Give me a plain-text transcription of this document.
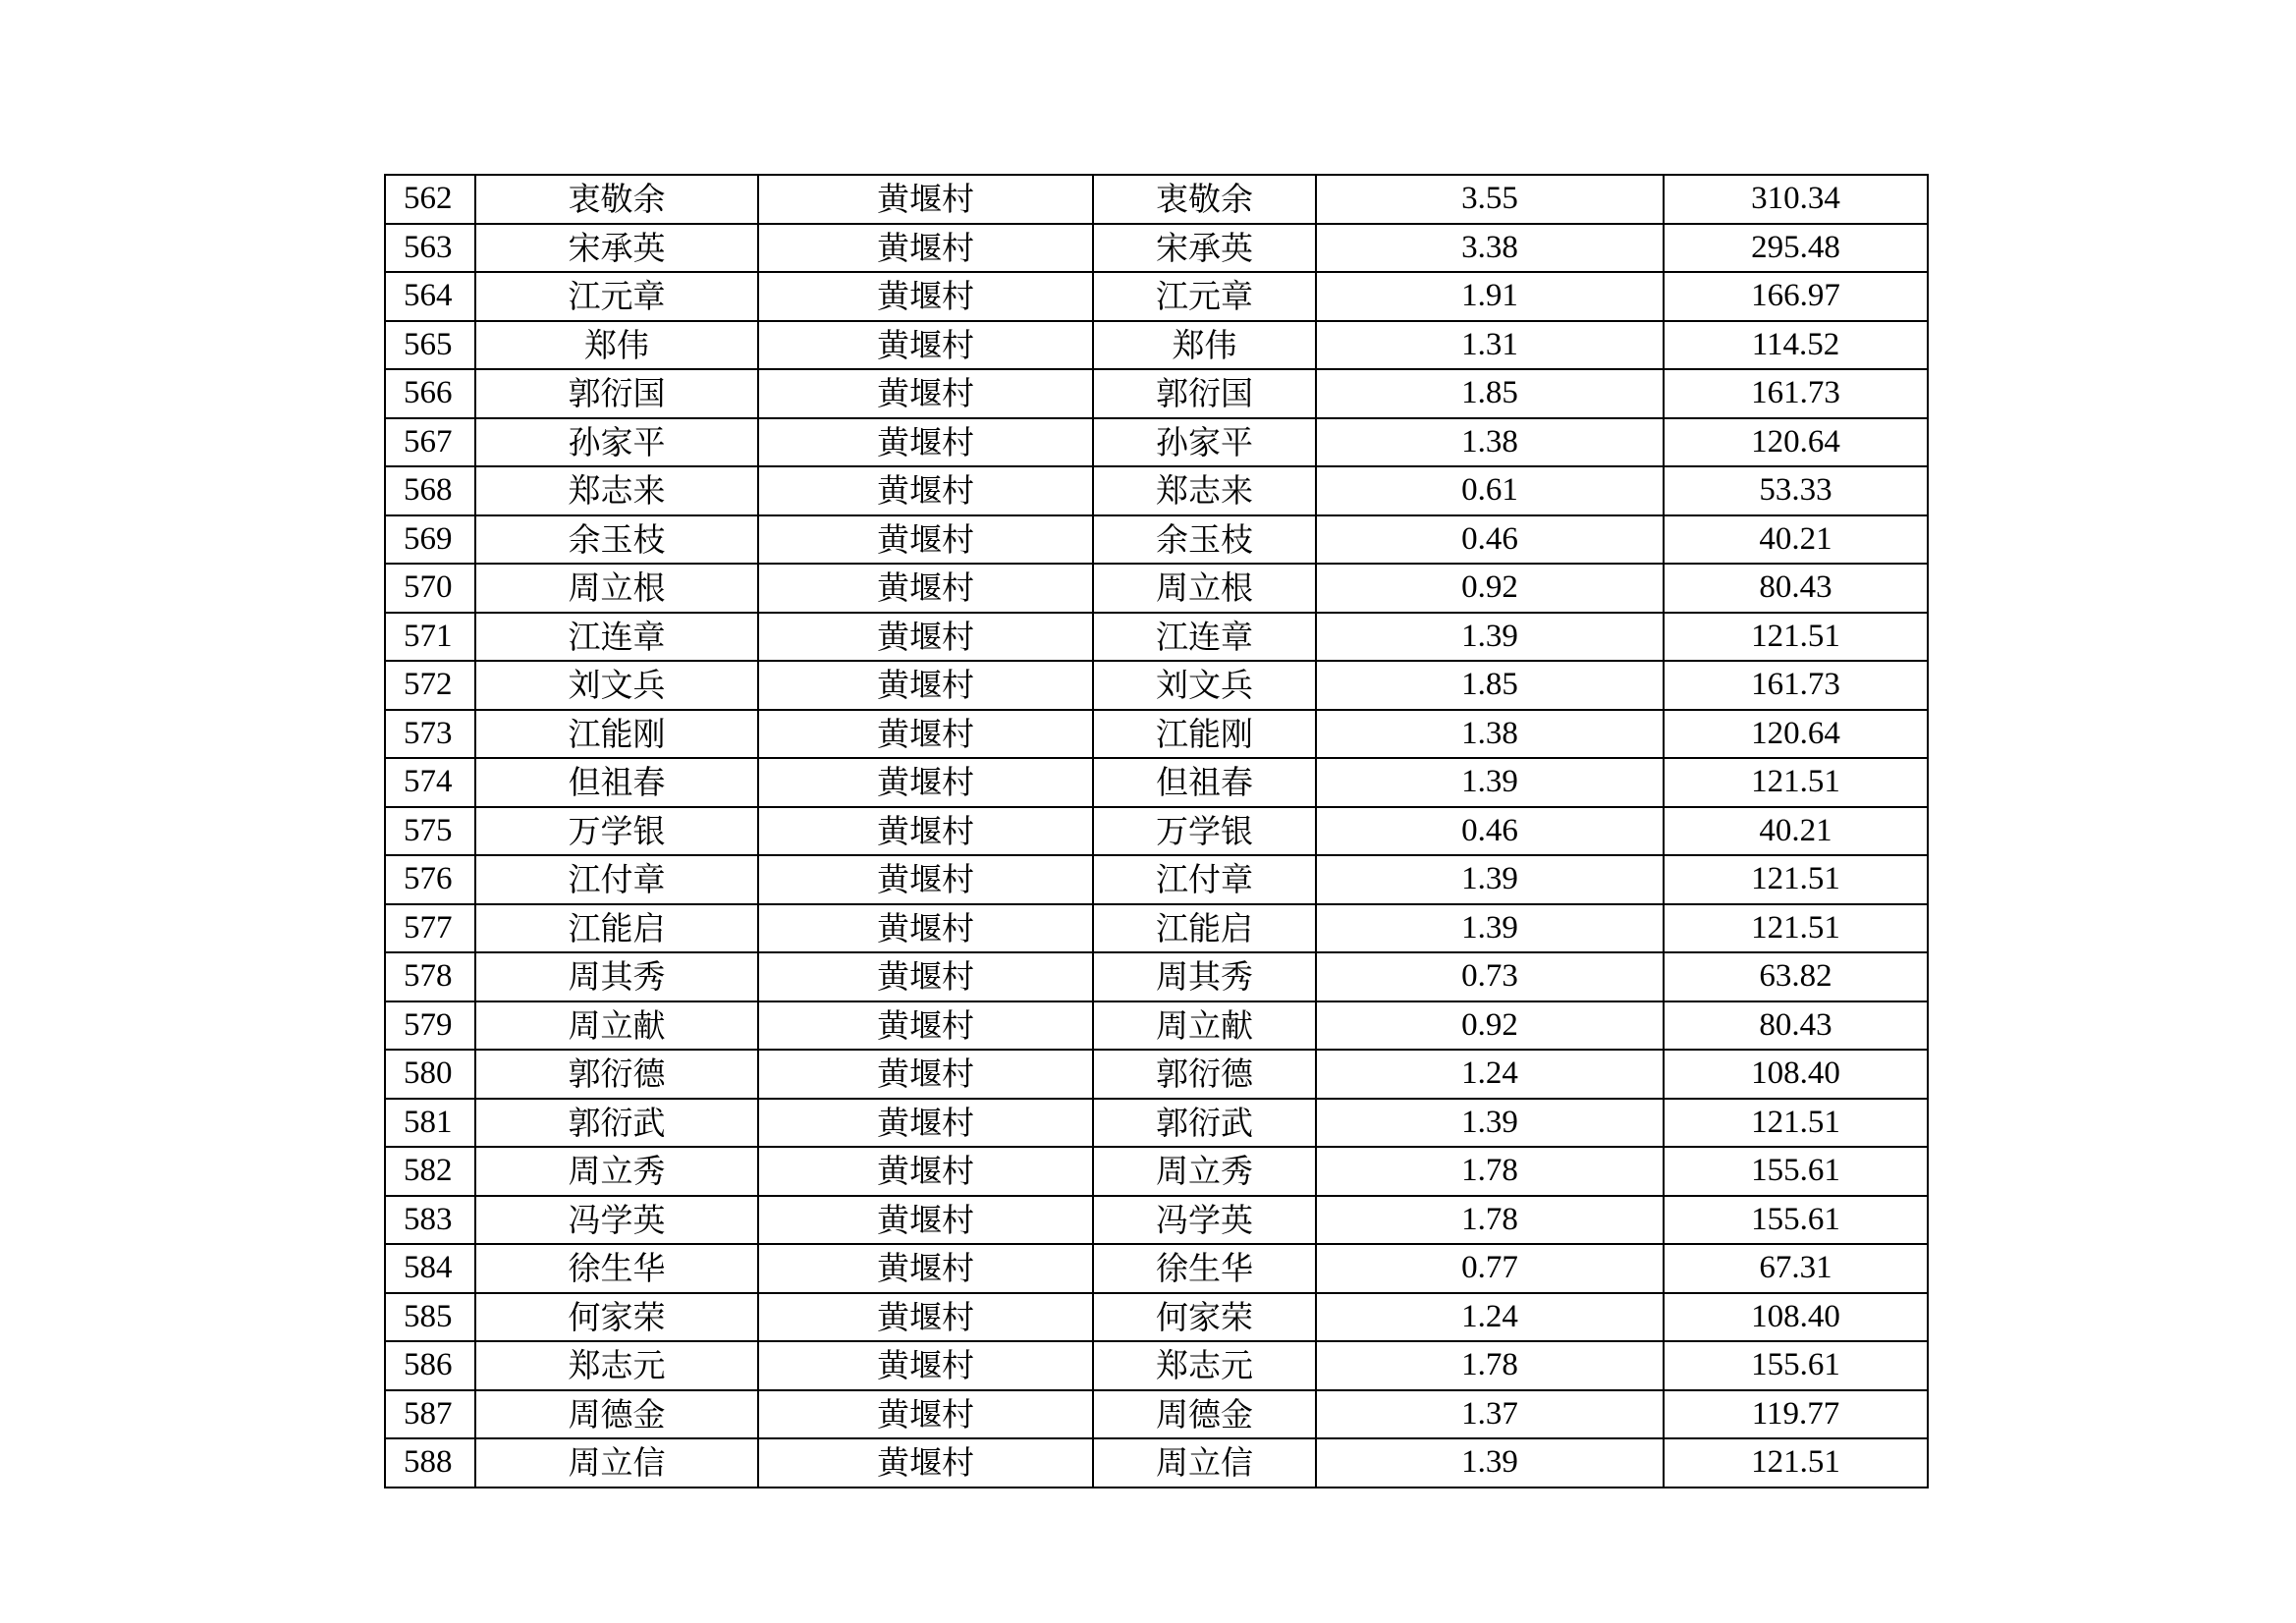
562	衷敬余	黄堰村	衷敬余	3.55	310.34
563	宋承英	黄堰村	宋承英	3.38	295.48
564	江元章	黄堰村	江元章	1.91	166.97
565	郑伟	黄堰村	郑伟	1.31	114.52
566	郭衍国	黄堰村	郭衍国	1.85	161.73
567	孙家平	黄堰村	孙家平	1.38	120.64
568	郑志来	黄堰村	郑志来	0.61	53.33
569	余玉枝	黄堰村	余玉枝	0.46	40.21
570	周立根	黄堰村	周立根	0.92	80.43
571	江连章	黄堰村	江连章	1.39	121.51
572	刘文兵	黄堰村	刘文兵	1.85	161.73
573	江能刚	黄堰村	江能刚	1.38	120.64
574	但祖春	黄堰村	但祖春	1.39	121.51
575	万学银	黄堰村	万学银	0.46	40.21
576	江付章	黄堰村	江付章	1.39	121.51
577	江能启	黄堰村	江能启	1.39	121.51
578	周其秀	黄堰村	周其秀	0.73	63.82
579	周立献	黄堰村	周立献	0.92	80.43
580	郭衍德	黄堰村	郭衍德	1.24	108.40
581	郭衍武	黄堰村	郭衍武	1.39	121.51
582	周立秀	黄堰村	周立秀	1.78	155.61
583	冯学英	黄堰村	冯学英	1.78	155.61
584	徐生华	黄堰村	徐生华	0.77	67.31
585	何家荣	黄堰村	何家荣	1.24	108.40
586	郑志元	黄堰村	郑志元	1.78	155.61
587	周德金	黄堰村	周德金	1.37	119.77
588	周立信	黄堰村	周立信	1.39	121.51
